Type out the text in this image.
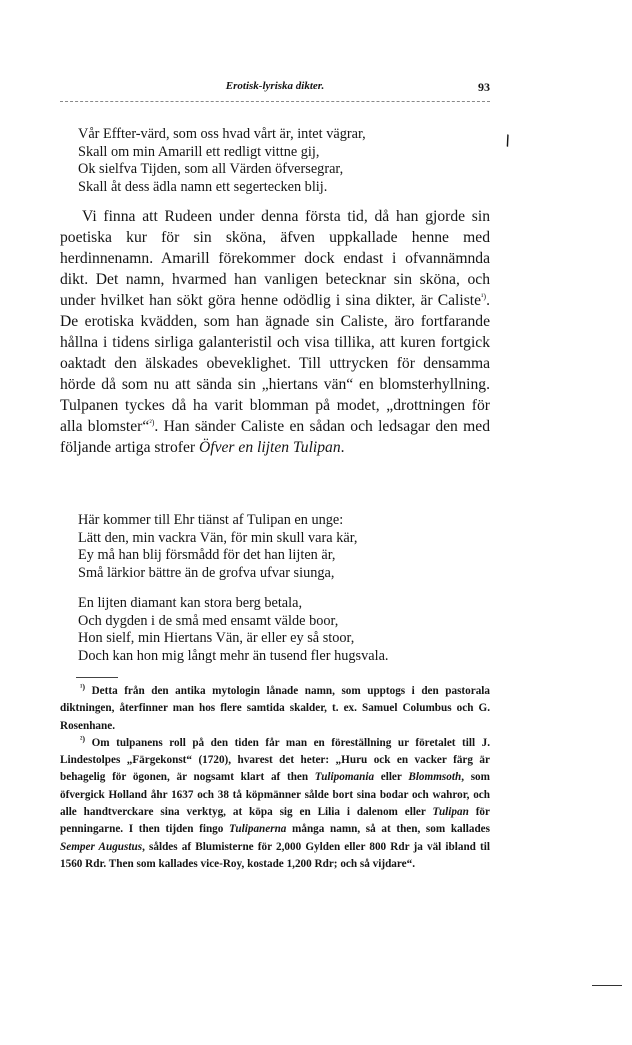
Erotisk-lyriska dikter.	93
\
Vår Effter-värd, som oss hvad vårt är, intet vägrar,
Skall om min Amarill ett redligt vittne gij,
Ok sielfva Tijden, som all Värden öfversegrar,
Skall åt dess ädla namn ett segertecken blij.

Vi finna att Rudeen under denna första tid, då han gjorde sin poetiska kur för sin sköna, äfven uppkallade henne med herdinnenamn. Amarill förekommer dock endast i ofvannämnda dikt. Det namn, hvarmed han vanligen betecknar sin sköna, och under hvilket han sökt göra henne odödlig i sina dikter, är Caliste$^{^1)}$. De erotiska kvädden, som han ägnade sin Caliste, äro fortfarande hållna i tidens sirliga galanteristil och visa tillika, att kuren fortgick oaktadt den älskades obeveklighet. Till uttrycken för densamma hörde då som nu att sända sin „hiertans vän“ en blomsterhyllning. Tulpanen tyckes då ha varit blomman på modet, „drottningen för alla blomster“$^{^2)}$. Han sänder Caliste en sådan och ledsagar den med följande artiga strofer Öfver en lijten Tulipan.

Här kommer till Ehr tiänst af Tulipan en unge:
Lätt den, min vackra Vän, för min skull vara kär,
Ey må han blij försmådd för det han lijten är,
Små lärkior bättre än de grofva ufvar siunga,
En lijten diamant kan stora berg betala,
Och dygden i de små med ensamt välde boor,
Hon sielf, min Hiertans Vän, är eller ey så stoor,
Doch kan hon mig långt mehr än tusend fler hugsvala.

$^{^1)}$ Detta från den antika mytologin lånade namn, som upptogs i den pastorala diktningen, återfinner man hos flere samtida skalder, t. ex. Samuel Columbus och G. Rosenhane.

$^{^2)}$ Om tulpanens roll på den tiden får man en föreställning ur företalet till J. Lindestolpes „Färgekonst“ (1720), hvarest det heter: „Huru ock en vacker färg är behagelig för ögonen, är nogsamt klart af then Tulipomania eller Blommsoth, som öfvergick Holland åhr 1637 och 38 tå köpmänner sålde bort sina bodar och wahror, och alle handtverckare sina verktyg, at köpa sig en Lilia i dalenom eller Tulipan för penningarne. I then tijden fingo Tulipanerna många namn, så at then, som kallades Semper Augustus, såldes af Blumisterne för 2,000 Gylden eller 800 Rdr ja väl ibland til 1560 Rdr. Then som kallades vice-Roy, kostade 1,200 Rdr; och så vijdare“.
